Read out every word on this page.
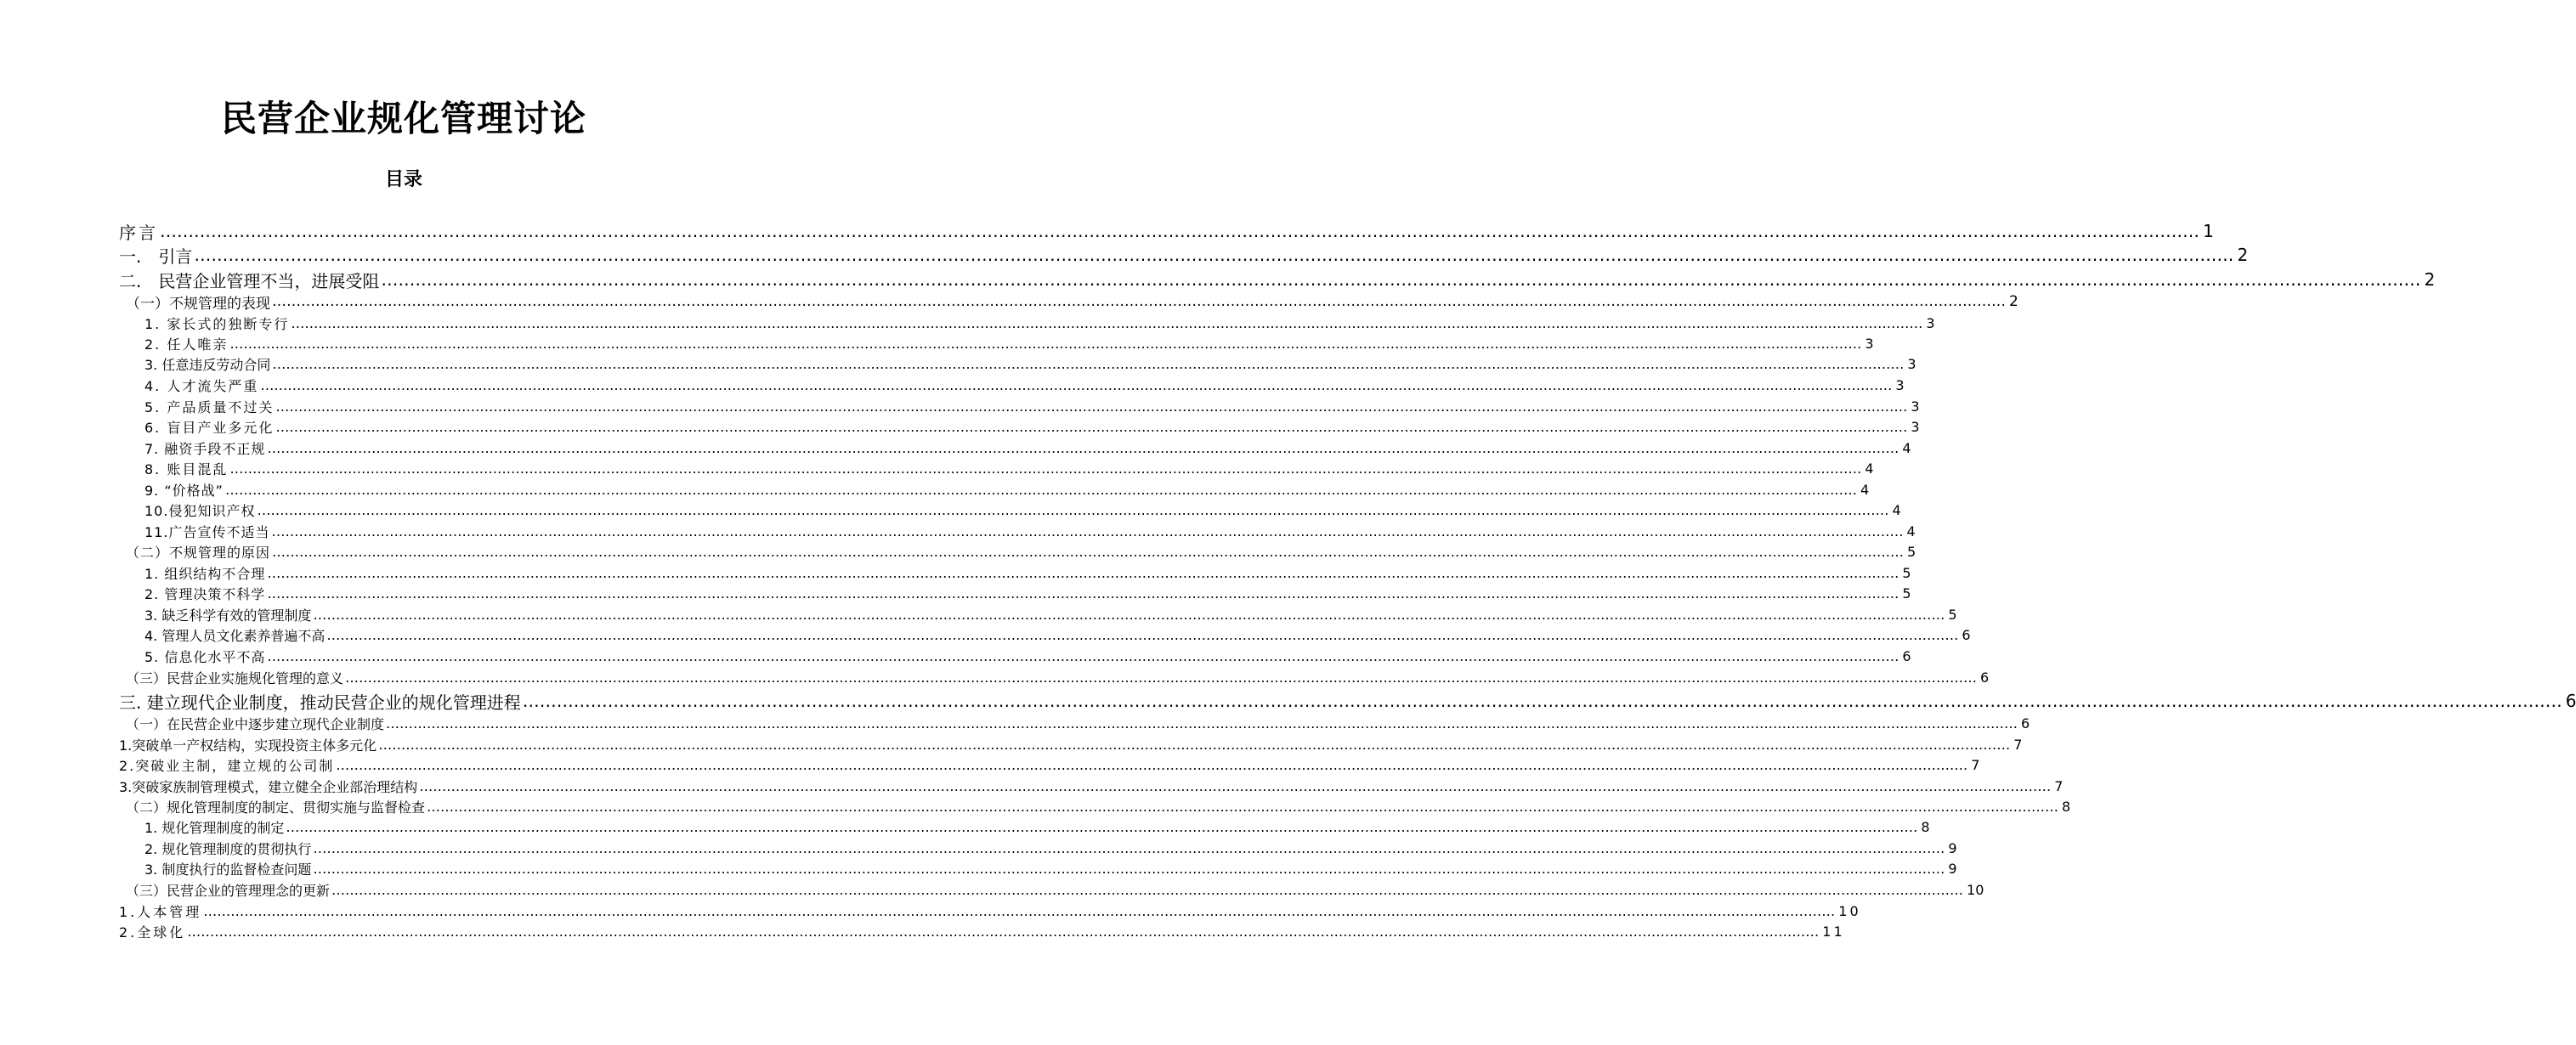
民营企业规化管理讨论
目录
序言 ……………………………………………………………………………………………………………………………………………………………………………………………………………………………………………………………………………………………………………………………… 1
一.　引言 ……………………………………………………………………………………………………………………………………………………………………………………………………………………………………………………………………………………………………………………………… 2
二.　民营企业管理不当，进展受阻 ……………………………………………………………………………………………………………………………………………………………………………………………………………………………………………………………………………………………………………………………… 2
（一）不规管理的表现 ……………………………………………………………………………………………………………………………………………………………………………………………………………………………………………………………………………………………………………………………… 2
1. 家长式的独断专行 ……………………………………………………………………………………………………………………………………………………………………………………………………………………………………………………………………………………………………………………………… 3
2. 任人唯亲 ……………………………………………………………………………………………………………………………………………………………………………………………………………………………………………………………………………………………………………………………… 3
3. 任意违反劳动合同 ……………………………………………………………………………………………………………………………………………………………………………………………………………………………………………………………………………………………………………………………… 3
4. 人才流失严重 ……………………………………………………………………………………………………………………………………………………………………………………………………………………………………………………………………………………………………………………………… 3
5. 产品质量不过关 ……………………………………………………………………………………………………………………………………………………………………………………………………………………………………………………………………………………………………………………………… 3
6. 盲目产业多元化 ……………………………………………………………………………………………………………………………………………………………………………………………………………………………………………………………………………………………………………………………… 3
7. 融资手段不正规 ……………………………………………………………………………………………………………………………………………………………………………………………………………………………………………………………………………………………………………………………… 4
8. 账目混乱 ……………………………………………………………………………………………………………………………………………………………………………………………………………………………………………………………………………………………………………………………… 4
9. “价格战” ……………………………………………………………………………………………………………………………………………………………………………………………………………………………………………………………………………………………………………………………… 4
10.侵犯知识产权 ……………………………………………………………………………………………………………………………………………………………………………………………………………………………………………………………………………………………………………………………… 4
11.广告宣传不适当 ……………………………………………………………………………………………………………………………………………………………………………………………………………………………………………………………………………………………………………………………… 4
（二）不规管理的原因 ……………………………………………………………………………………………………………………………………………………………………………………………………………………………………………………………………………………………………………………………… 5
1. 组织结构不合理 ……………………………………………………………………………………………………………………………………………………………………………………………………………………………………………………………………………………………………………………………… 5
2. 管理决策不科学 ……………………………………………………………………………………………………………………………………………………………………………………………………………………………………………………………………………………………………………………………… 5
3. 缺乏科学有效的管理制度 ……………………………………………………………………………………………………………………………………………………………………………………………………………………………………………………………………………………………………………………………… 5
4. 管理人员文化素养普遍不高 ……………………………………………………………………………………………………………………………………………………………………………………………………………………………………………………………………………………………………………………………… 6
5. 信息化水平不高 ……………………………………………………………………………………………………………………………………………………………………………………………………………………………………………………………………………………………………………………………… 6
（三）民营企业实施规化管理的意义 ……………………………………………………………………………………………………………………………………………………………………………………………………………………………………………………………………………………………………………………………… 6
三. 建立现代企业制度，推动民营企业的规化管理进程 ……………………………………………………………………………………………………………………………………………………………………………………………………………………………………………………………………………………………………………………………… 6
（一）在民营企业中逐步建立现代企业制度 ……………………………………………………………………………………………………………………………………………………………………………………………………………………………………………………………………………………………………………………………… 6
1.突破单一产权结构，实现投资主体多元化 ……………………………………………………………………………………………………………………………………………………………………………………………………………………………………………………………………………………………………………………………… 7
2.突破业主制，建立规的公司制 ……………………………………………………………………………………………………………………………………………………………………………………………………………………………………………………………………………………………………………………………… 7
3.突破家族制管理模式，建立健全企业部治理结构 ……………………………………………………………………………………………………………………………………………………………………………………………………………………………………………………………………………………………………………………………… 7
（二）规化管理制度的制定、贯彻实施与监督检查 ……………………………………………………………………………………………………………………………………………………………………………………………………………………………………………………………………………………………………………………………… 8
1. 规化管理制度的制定 ……………………………………………………………………………………………………………………………………………………………………………………………………………………………………………………………………………………………………………………………… 8
2. 规化管理制度的贯彻执行 ……………………………………………………………………………………………………………………………………………………………………………………………………………………………………………………………………………………………………………………………… 9
3. 制度执行的监督检查问题 ……………………………………………………………………………………………………………………………………………………………………………………………………………………………………………………………………………………………………………………………… 9
（三）民营企业的管理理念的更新 ……………………………………………………………………………………………………………………………………………………………………………………………………………………………………………………………………………………………………………………………… 10
1.人本管理 ……………………………………………………………………………………………………………………………………………………………………………………………………………………………………………………………………………………………………………………………… 10
2.全球化 ……………………………………………………………………………………………………………………………………………………………………………………………………………………………………………………………………………………………………………………………… 11
